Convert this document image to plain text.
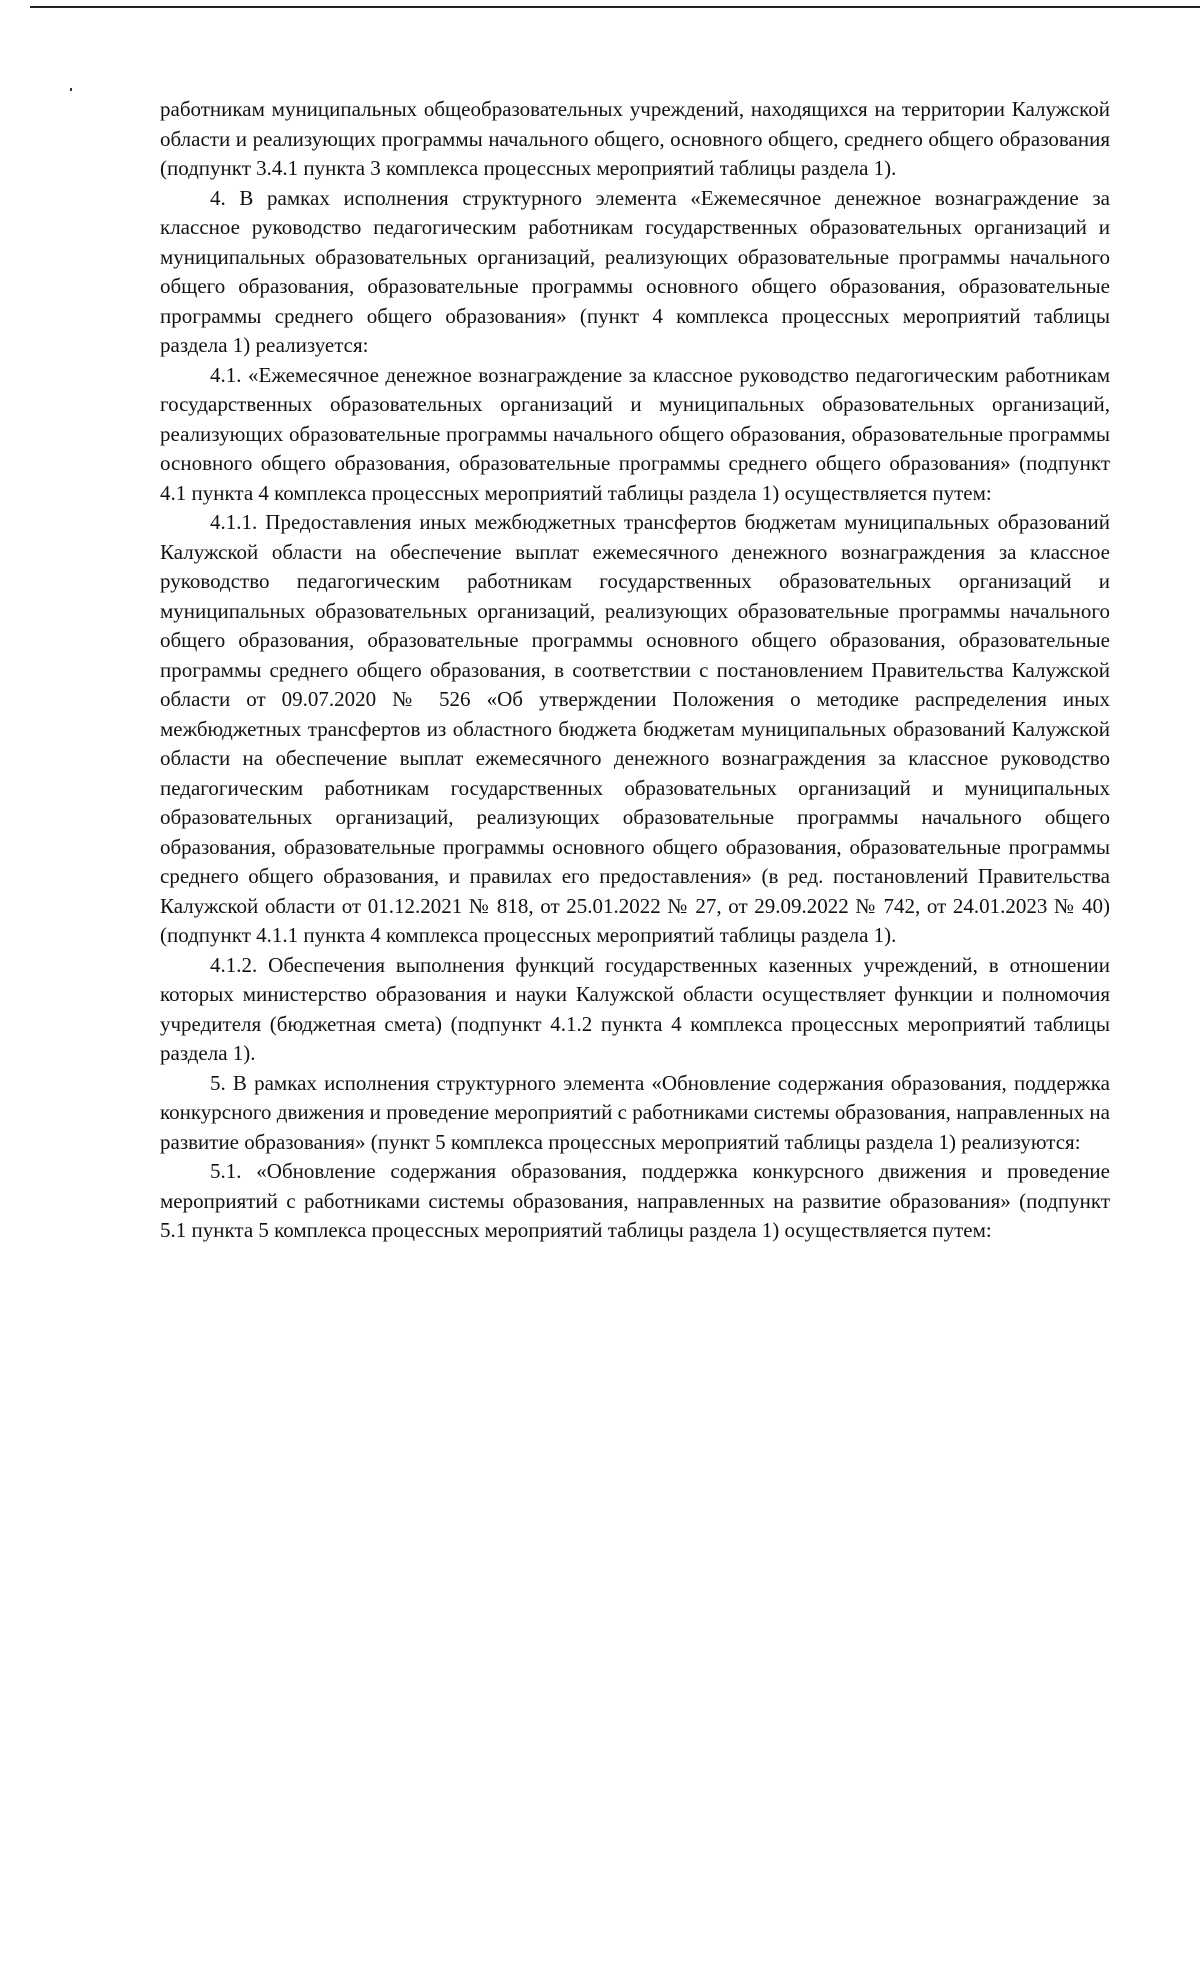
работникам муниципальных общеобразовательных учреждений, находящихся на территории Калужской области и реализующих программы начального общего, основного общего, среднего общего образования (подпункт 3.4.1 пункта 3 комплекса процессных мероприятий таблицы раздела 1).

4. В рамках исполнения структурного элемента «Ежемесячное денежное вознаграждение за классное руководство педагогическим работникам государственных образовательных организаций и муниципальных образовательных организаций, реализующих образовательные программы начального общего образования, образовательные программы основного общего образования, образовательные программы среднего общего образования» (пункт 4 комплекса процессных мероприятий таблицы раздела 1) реализуется:

4.1. «Ежемесячное денежное вознаграждение за классное руководство педагогическим работникам государственных образовательных организаций и муниципальных образовательных организаций, реализующих образовательные программы начального общего образования, образовательные программы основного общего образования, образовательные программы среднего общего образования» (подпункт 4.1 пункта 4 комплекса процессных мероприятий таблицы раздела 1) осуществляется путем:

4.1.1. Предоставления иных межбюджетных трансфертов бюджетам муниципальных образований Калужской области на обеспечение выплат ежемесячного денежного вознаграждения за классное руководство педагогическим работникам государственных образовательных организаций и муниципальных образовательных организаций, реализующих образовательные программы начального общего образования, образовательные программы основного общего образования, образовательные программы среднего общего образования, в соответствии с постановлением Правительства Калужской области от 09.07.2020 № 526 «Об утверждении Положения о методике распределения иных межбюджетных трансфертов из областного бюджета бюджетам муниципальных образований Калужской области на обеспечение выплат ежемесячного денежного вознаграждения за классное руководство педагогическим работникам государственных образовательных организаций и муниципальных образовательных организаций, реализующих образовательные программы начального общего образования, образовательные программы основного общего образования, образовательные программы среднего общего образования, и правилах его предоставления» (в ред. постановлений Правительства Калужской области от 01.12.2021 № 818, от 25.01.2022 № 27, от 29.09.2022 № 742, от 24.01.2023 № 40) (подпункт 4.1.1 пункта 4 комплекса процессных мероприятий таблицы раздела 1).

4.1.2. Обеспечения выполнения функций государственных казенных учреждений, в отношении которых министерство образования и науки Калужской области осуществляет функции и полномочия учредителя (бюджетная смета) (подпункт 4.1.2 пункта 4 комплекса процессных мероприятий таблицы раздела 1).

5. В рамках исполнения структурного элемента «Обновление содержания образования, поддержка конкурсного движения и проведение мероприятий с работниками системы образования, направленных на развитие образования» (пункт 5 комплекса процессных мероприятий таблицы раздела 1) реализуются:

5.1. «Обновление содержания образования, поддержка конкурсного движения и проведение мероприятий с работниками системы образования, направленных на развитие образования» (подпункт 5.1 пункта 5 комплекса процессных мероприятий таблицы раздела 1) осуществляется путем:
